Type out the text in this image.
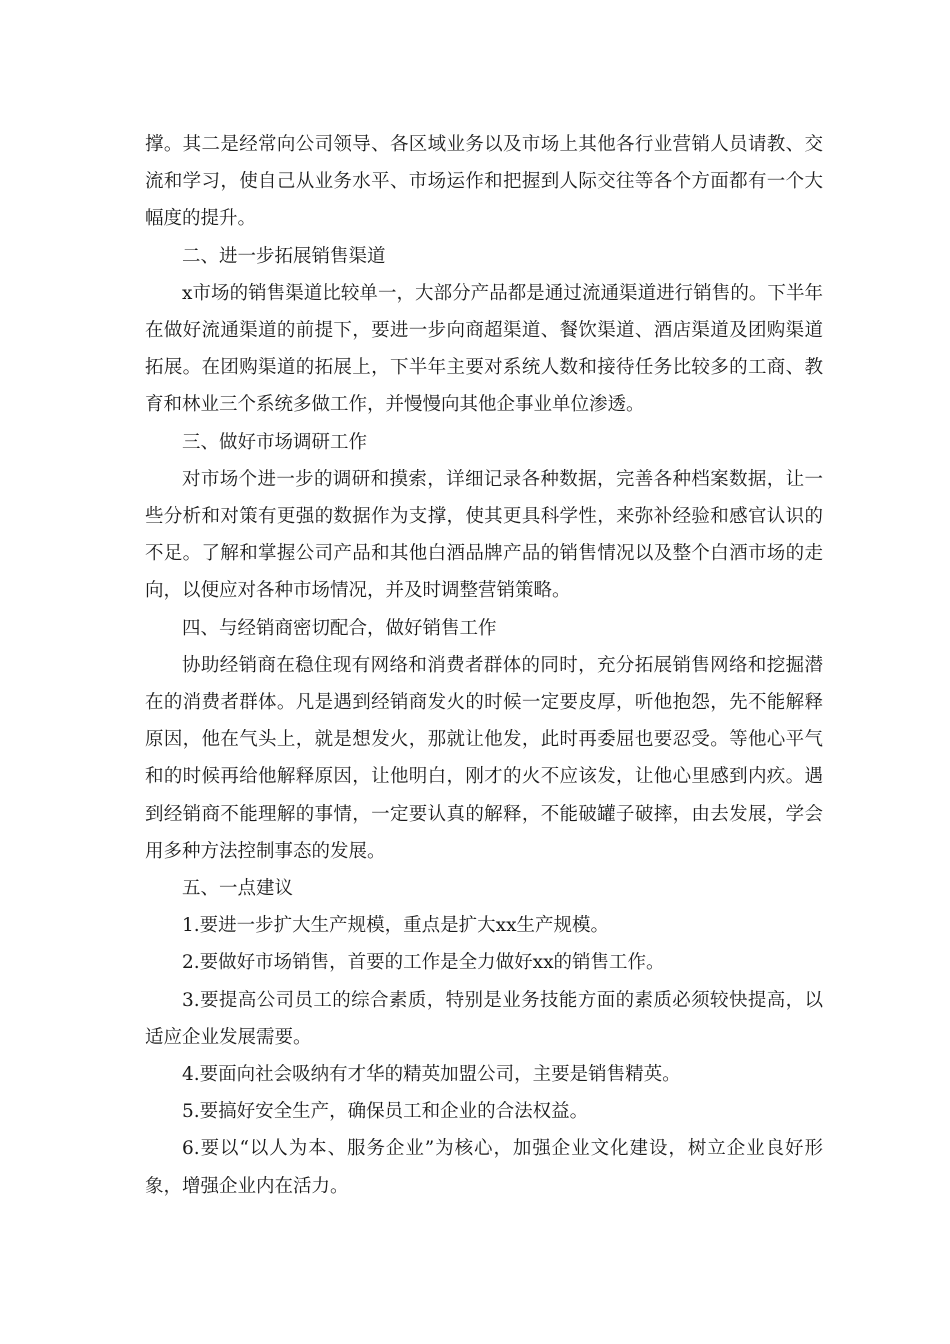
撑。其二是经常向公司领导、各区域业务以及市场上其他各行业营销人员请教、交流和学习，使自己从业务水平、市场运作和把握到人际交往等各个方面都有一个大幅度的提升。

二、进一步拓展销售渠道

x市场的销售渠道比较单一，大部分产品都是通过流通渠道进行销售的。下半年在做好流通渠道的前提下，要进一步向商超渠道、餐饮渠道、酒店渠道及团购渠道拓展。在团购渠道的拓展上，下半年主要对系统人数和接待任务比较多的工商、教育和林业三个系统多做工作，并慢慢向其他企事业单位渗透。

三、做好市场调研工作

对市场个进一步的调研和摸索，详细记录各种数据，完善各种档案数据，让一些分析和对策有更强的数据作为支撑，使其更具科学性，来弥补经验和感官认识的不足。了解和掌握公司产品和其他白酒品牌产品的销售情况以及整个白酒市场的走向，以便应对各种市场情况，并及时调整营销策略。

四、与经销商密切配合，做好销售工作

协助经销商在稳住现有网络和消费者群体的同时，充分拓展销售网络和挖掘潜在的消费者群体。凡是遇到经销商发火的时候一定要皮厚，听他抱怨，先不能解释原因，他在气头上，就是想发火，那就让他发，此时再委屈也要忍受。等他心平气和的时候再给他解释原因，让他明白，刚才的火不应该发，让他心里感到内疚。遇到经销商不能理解的事情，一定要认真的解释，不能破罐子破摔，由去发展，学会用多种方法控制事态的发展。

五、一点建议

1.要进一步扩大生产规模，重点是扩大xx生产规模。

2.要做好市场销售，首要的工作是全力做好xx的销售工作。

3.要提高公司员工的综合素质，特别是业务技能方面的素质必须较快提高，以适应企业发展需要。

4.要面向社会吸纳有才华的精英加盟公司，主要是销售精英。

5.要搞好安全生产，确保员工和企业的合法权益。

6.要以“以人为本、服务企业”为核心，加强企业文化建设，树立企业良好形象，增强企业内在活力。
